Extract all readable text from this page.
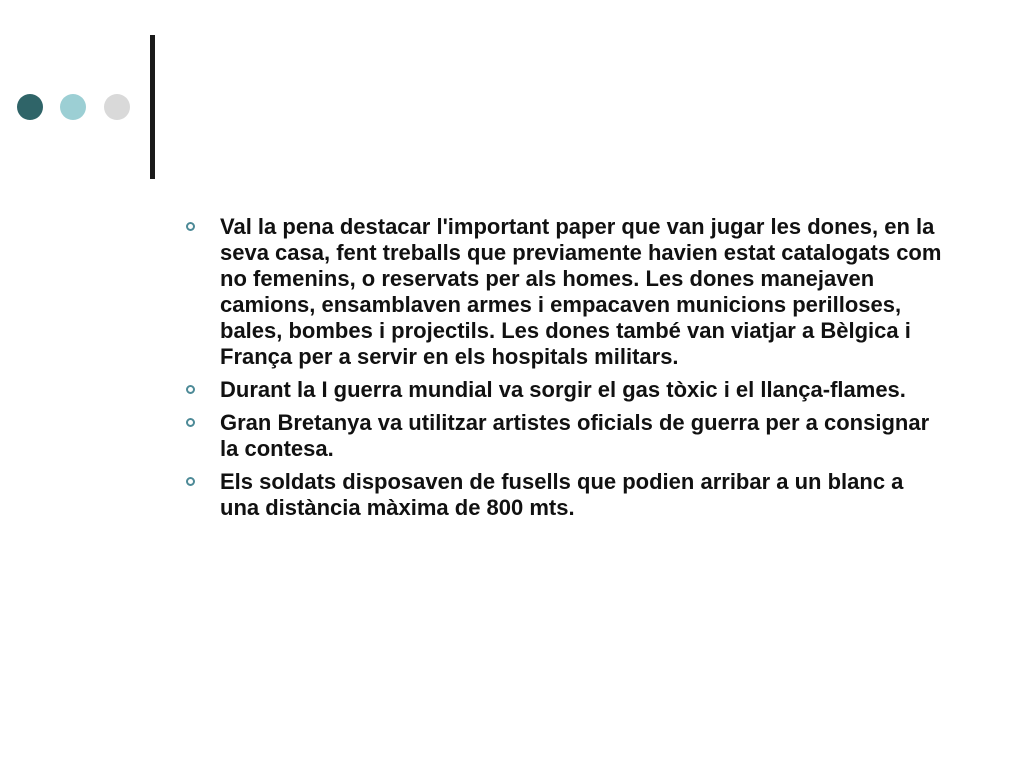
Val la pena destacar l'important paper que van jugar les dones, en la seva casa, fent treballs que previamente havien estat catalogats com no femenins, o reservats per als homes. Les dones manejaven camions, ensamblaven armes i empacaven municions perilloses, bales, bombes i projectils. Les dones també van viatjar a Bèlgica i França per a servir en els hospitals militars.
Durant la I guerra mundial va sorgir el gas tòxic i el llança-flames.
Gran Bretanya va utilitzar artistes oficials de guerra per a consignar la contesa.
Els soldats disposaven de fusells que podien arribar a un blanc a una distància màxima de 800 mts.
